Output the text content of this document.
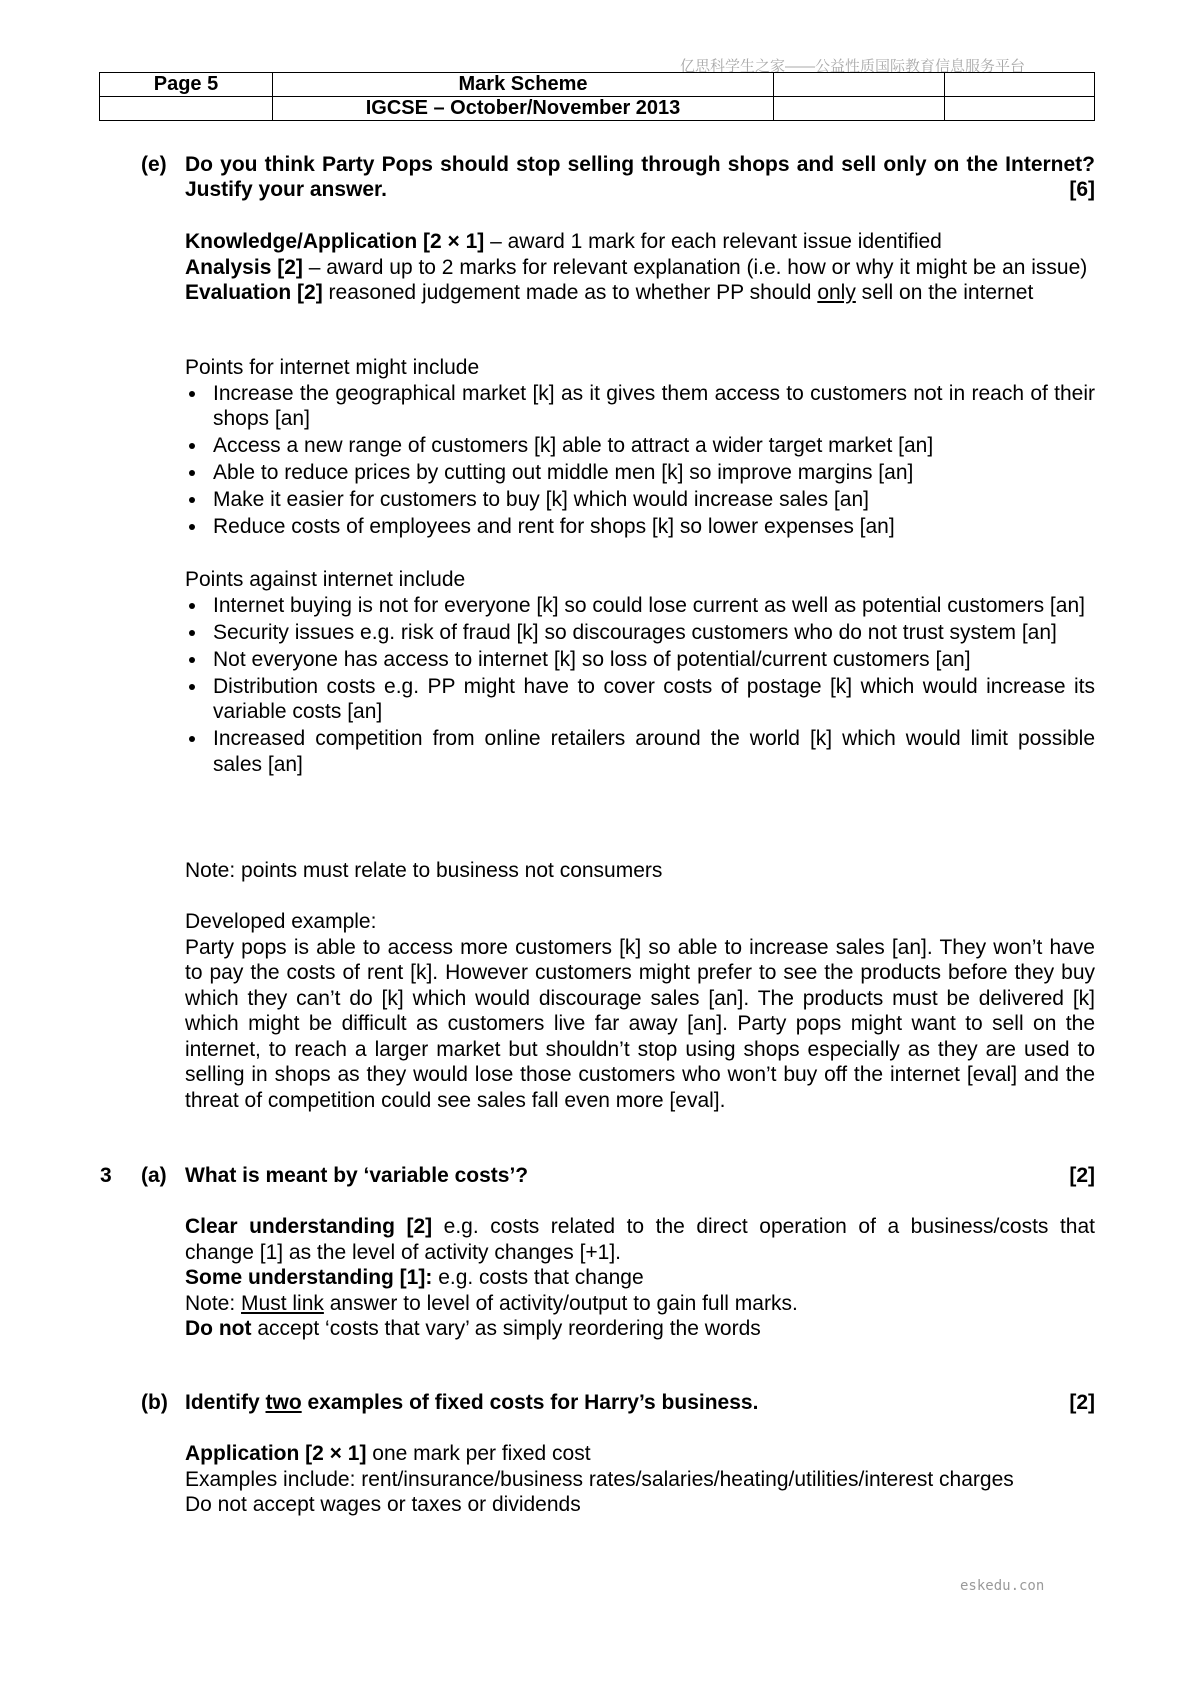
亿思科学生之家——公益性质国际教育信息服务平台
Page 5	Mark Scheme		
	IGCSE – October/November 2013		
(e) Do you think Party Pops should stop selling through shops and sell only on the Internet? Justify your answer.	[6]
Knowledge/Application [2 × 1] – award 1 mark for each relevant issue identified
Analysis [2] – award up to 2 marks for relevant explanation (i.e. how or why it might be an issue)
Evaluation [2] reasoned judgement made as to whether PP should only sell on the internet
Points for internet might include
Increase the geographical market [k] as it gives them access to customers not in reach of their shops [an]
Access a new range of customers [k] able to attract a wider target market [an]
Able to reduce prices by cutting out middle men [k] so improve margins [an]
Make it easier for customers to buy [k] which would increase sales [an]
Reduce costs of employees and rent for shops [k] so lower expenses [an]
Points against internet include
Internet buying is not for everyone [k] so could lose current as well as potential customers [an]
Security issues e.g. risk of fraud [k] so discourages customers who do not trust system [an]
Not everyone has access to internet [k] so loss of potential/current customers [an]
Distribution costs e.g. PP might have to cover costs of postage [k] which would increase its variable costs [an]
Increased competition from online retailers around the world [k] which would limit possible sales [an]
Note: points must relate to business not consumers
Developed example:
Party pops is able to access more customers [k] so able to increase sales [an]. They won’t have to pay the costs of rent [k]. However customers might prefer to see the products before they buy which they can’t do [k] which would discourage sales [an]. The products must be delivered [k] which might be difficult as customers live far away [an]. Party pops might want to sell on the internet, to reach a larger market but shouldn’t stop using shops especially as they are used to selling in shops as they would lose those customers who won’t buy off the internet [eval] and the threat of competition could see sales fall even more [eval].
3 (a) What is meant by ‘variable costs’?	[2]
Clear understanding [2] e.g. costs related to the direct operation of a business/costs that change [1] as the level of activity changes [+1].
Some understanding [1]: e.g. costs that change
Note: Must link answer to level of activity/output to gain full marks.
Do not accept ‘costs that vary’ as simply reordering the words
(b) Identify two examples of fixed costs for Harry’s business.	[2]
Application [2 × 1] one mark per fixed cost
Examples include: rent/insurance/business rates/salaries/heating/utilities/interest charges
Do not accept wages or taxes or dividends
eskedu.con
